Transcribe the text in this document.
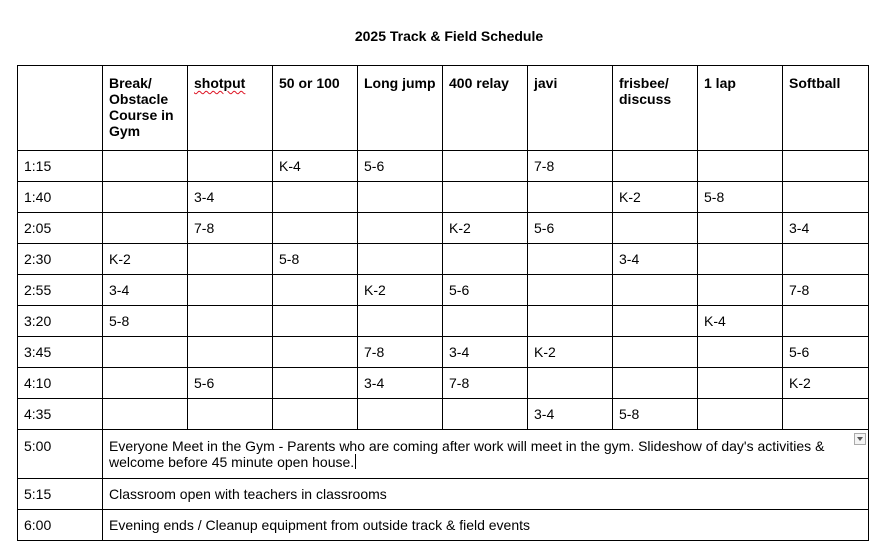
2025 Track & Field Schedule
	Break/ Obstacle Course in Gym	shotput	50 or 100	Long jump	400 relay	javi	frisbee/ discuss	1 lap	Softball
1:15			K-4	5-6		7-8			
1:40		3-4					K-2	5-8	
2:05		7-8			K-2	5-6			3-4
2:30	K-2		5-8				3-4		
2:55	3-4			K-2	5-6				7-8
3:20	5-8							K-4	
3:45				7-8	3-4	K-2			5-6
4:10		5-6		3-4	7-8				K-2
4:35						3-4	5-8		
5:00	Everyone Meet in the Gym - Parents who are coming after work will meet in the gym. Slideshow of day's activities & welcome before 45 minute open house.								

5:15	Classroom open with teachers in classrooms								
6:00	Evening ends / Cleanup equipment from outside track & field events								
